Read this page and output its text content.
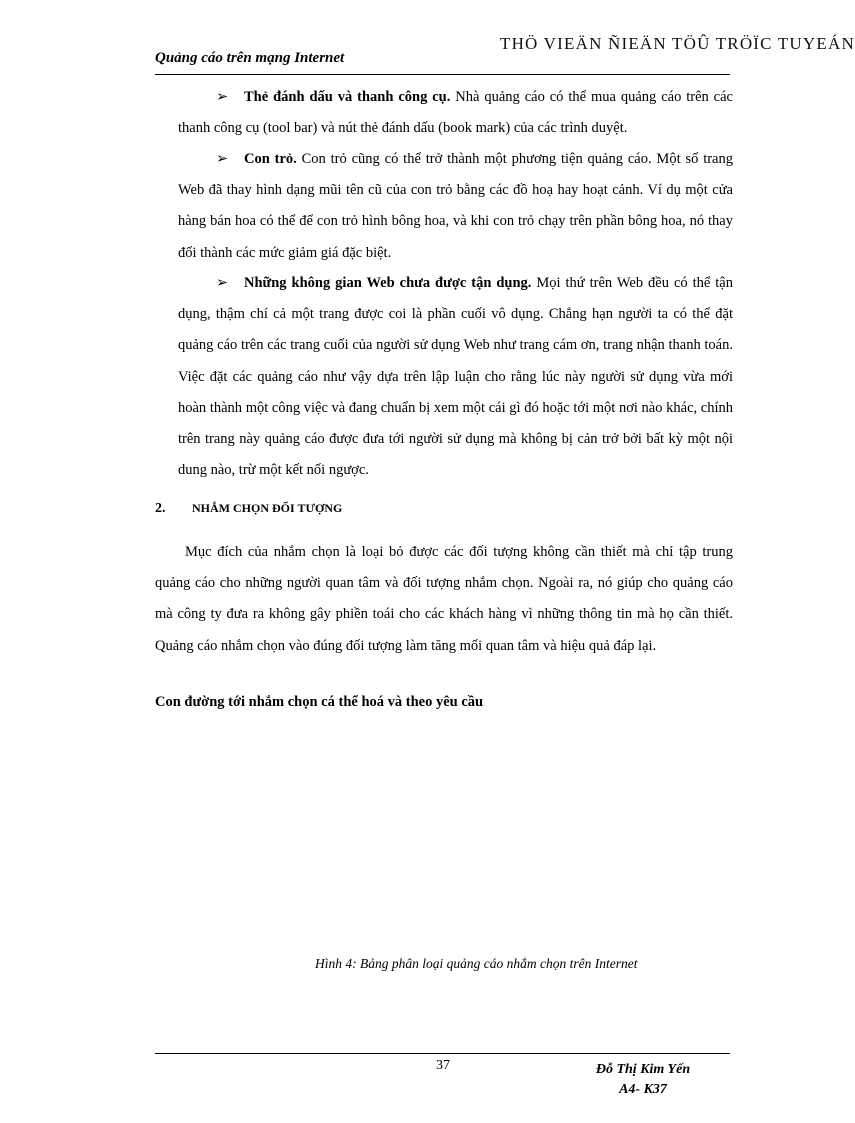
THÖ VIEÄN ÑIEÄN TÖÛ TRÖÏC TUYEÁN
Quảng cáo trên mạng Internet

➢ Thẻ đánh dấu và thanh công cụ. Nhà quảng cáo có thể mua quảng cáo trên các thanh công cụ (tool bar) và nút thẻ đánh dấu (book mark) của các trình duyệt.

➢ Con trỏ. Con trỏ cũng có thể trở thành một phương tiện quảng cáo. Một số trang Web đã thay hình dạng mũi tên cũ của con trỏ bằng các đồ hoạ hay hoạt cảnh. Ví dụ một cửa hàng bán hoa có thể để con trỏ hình bông hoa, và khi con trỏ chạy trên phần bông hoa, nó thay đổi thành các mức giảm giá đặc biệt.

➢ Những không gian Web chưa được tận dụng. Mọi thứ trên Web đều có thể tận dụng, thậm chí cả một trang được coi là phần cuối vô dụng. Chẳng hạn người ta có thể đặt quảng cáo trên các trang cuối của người sử dụng Web như trang cám ơn, trang nhận thanh toán. Việc đặt các quảng cáo như vậy dựa trên lập luận cho rằng lúc này người sử dụng vừa mới hoàn thành một công việc và đang chuẩn bị xem một cái gì đó hoặc tới một nơi nào khác, chính trên trang này quảng cáo được đưa tới người sử dụng mà không bị cản trở bởi bất kỳ một nội dung nào, trừ một kết nối ngược.

2. NHẮM CHỌN ĐỐI TƯỢNG

Mục đích của nhắm chọn là loại bỏ được các đối tượng không cần thiết mà chỉ tập trung quảng cáo cho những người quan tâm và đối tượng nhắm chọn. Ngoài ra, nó giúp cho quảng cáo mà công ty đưa ra không gây phiền toái cho các khách hàng vì những thông tin mà họ cần thiết. Quảng cáo nhắm chọn vào đúng đối tượng làm tăng mối quan tâm và hiệu quả đáp lại.

Con đường tới nhắm chọn cá thể hoá và theo yêu cầu
Hình 4: Bảng phân loại quảng cáo nhắm chọn trên Internet
37	Đỗ Thị Kim Yến
A4- K37
